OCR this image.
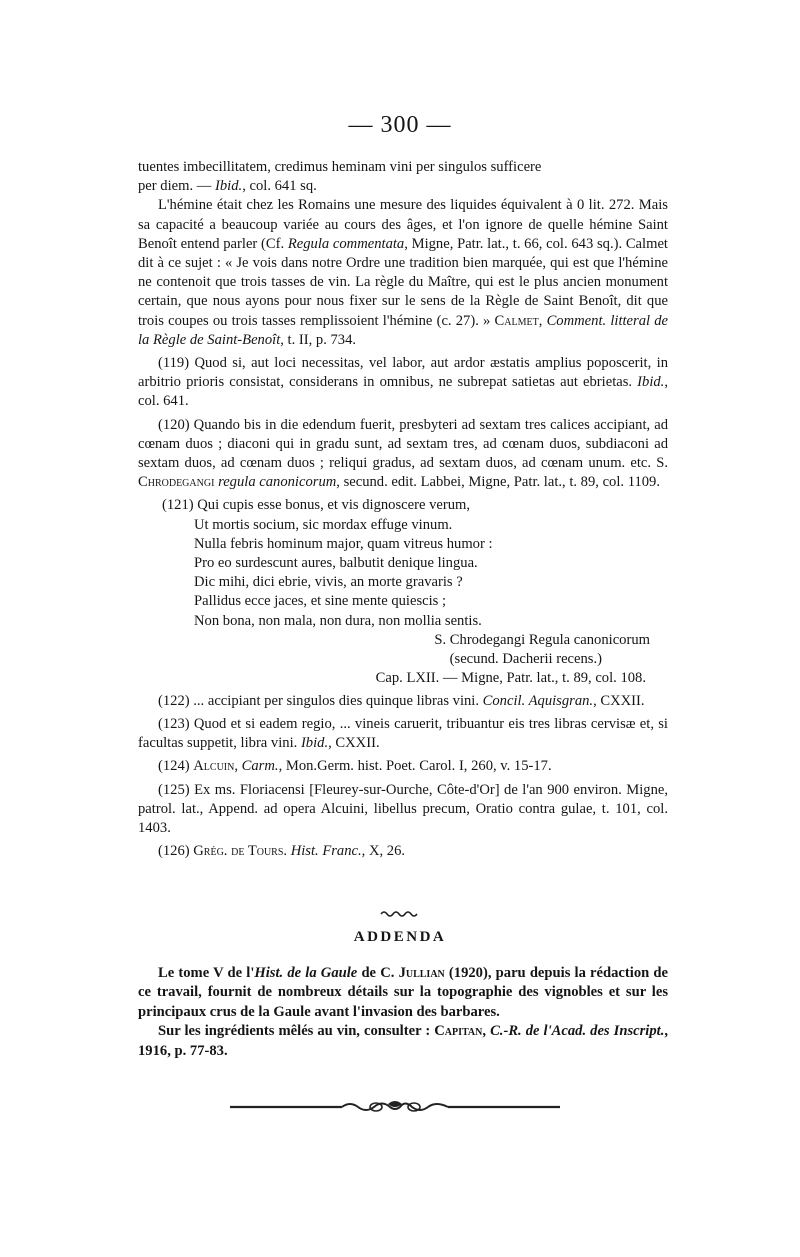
— 300 —

tuentes imbecillitatem, credimus heminam vini per singulos sufficere
per diem. — Ibid., col. 641 sq.

L'hémine était chez les Romains une mesure des liquides équivalent à 0 lit. 272. Mais sa capacité a beaucoup variée au cours des âges, et l'on ignore de quelle hémine Saint Benoît entend parler (Cf. Regula commentata, Migne, Patr. lat., t. 66, col. 643 sq.). Calmet dit à ce sujet : « Je vois dans notre Ordre une tradition bien marquée, qui est que l'hémine ne contenoit que trois tasses de vin. La règle du Maître, qui est le plus ancien monument certain, que nous ayons pour nous fixer sur le sens de la Règle de Saint Benoît, dit que trois coupes ou trois tasses remplissoient l'hémine (c. 27). » Calmet, Comment. litteral de la Règle de Saint-Benoît, t. II, p. 734.

(119) Quod si, aut loci necessitas, vel labor, aut ardor æstatis amplius poposcerit, in arbitrio prioris consistat, considerans in omnibus, ne subrepat satietas aut ebrietas. Ibid., col. 641.

(120) Quando bis in die edendum fuerit, presbyteri ad sextam tres calices accipiant, ad cœnam duos ; diaconi qui in gradu sunt, ad sextam tres, ad cœnam duos, subdiaconi ad sextam duos, ad cœnam duos ; reliqui gradus, ad sextam duos, ad cœnam unum. etc. S. Chrodegangi regula canonicorum, secund. edit. Labbei, Migne, Patr. lat., t. 89, col. 1109.

(121) Qui cupis esse bonus, et vis dignoscere verum,
Ut mortis socium, sic mordax effuge vinum.
Nulla febris hominum major, quam vitreus humor :
Pro eo surdescunt aures, balbutit denique lingua.
Dic mihi, dici ebrie, vivis, an morte gravaris ?
Pallidus ecce jaces, et sine mente quiescis ;
Non bona, non mala, non dura, non mollia sentis.
S. Chrodegangi Regula canonicorum
(secund. Dacherii recens.)
Cap. LXII. — Migne, Patr. lat., t. 89, col. 108.

(122) ... accipiant per singulos dies quinque libras vini. Concil. Aquisgran., CXXII.

(123) Quod et si eadem regio, ... vineis caruerit, tribuantur eis tres libras cervisæ et, si facultas suppetit, libra vini. Ibid., CXXII.

(124) Alcuin, Carm., Mon.Germ. hist. Poet. Carol. I, 260, v. 15-17.

(125) Ex ms. Floriacensi [Fleurey-sur-Ourche, Côte-d'Or] de l'an 900 environ. Migne, patrol. lat., Append. ad opera Alcuini, libellus precum, Oratio contra gulae, t. 101, col. 1403.

(126) Grég. de Tours. Hist. Franc., X, 26.

ADDENDA

Le tome V de l'Hist. de la Gaule de C. Jullian (1920), paru depuis la rédaction de ce travail, fournit de nombreux détails sur la topographie des vignobles et sur les principaux crus de la Gaule avant l'invasion des barbares.

Sur les ingrédients mêlés au vin, consulter : Capitan, C.-R. de l'Acad. des Inscript., 1916, p. 77-83.
